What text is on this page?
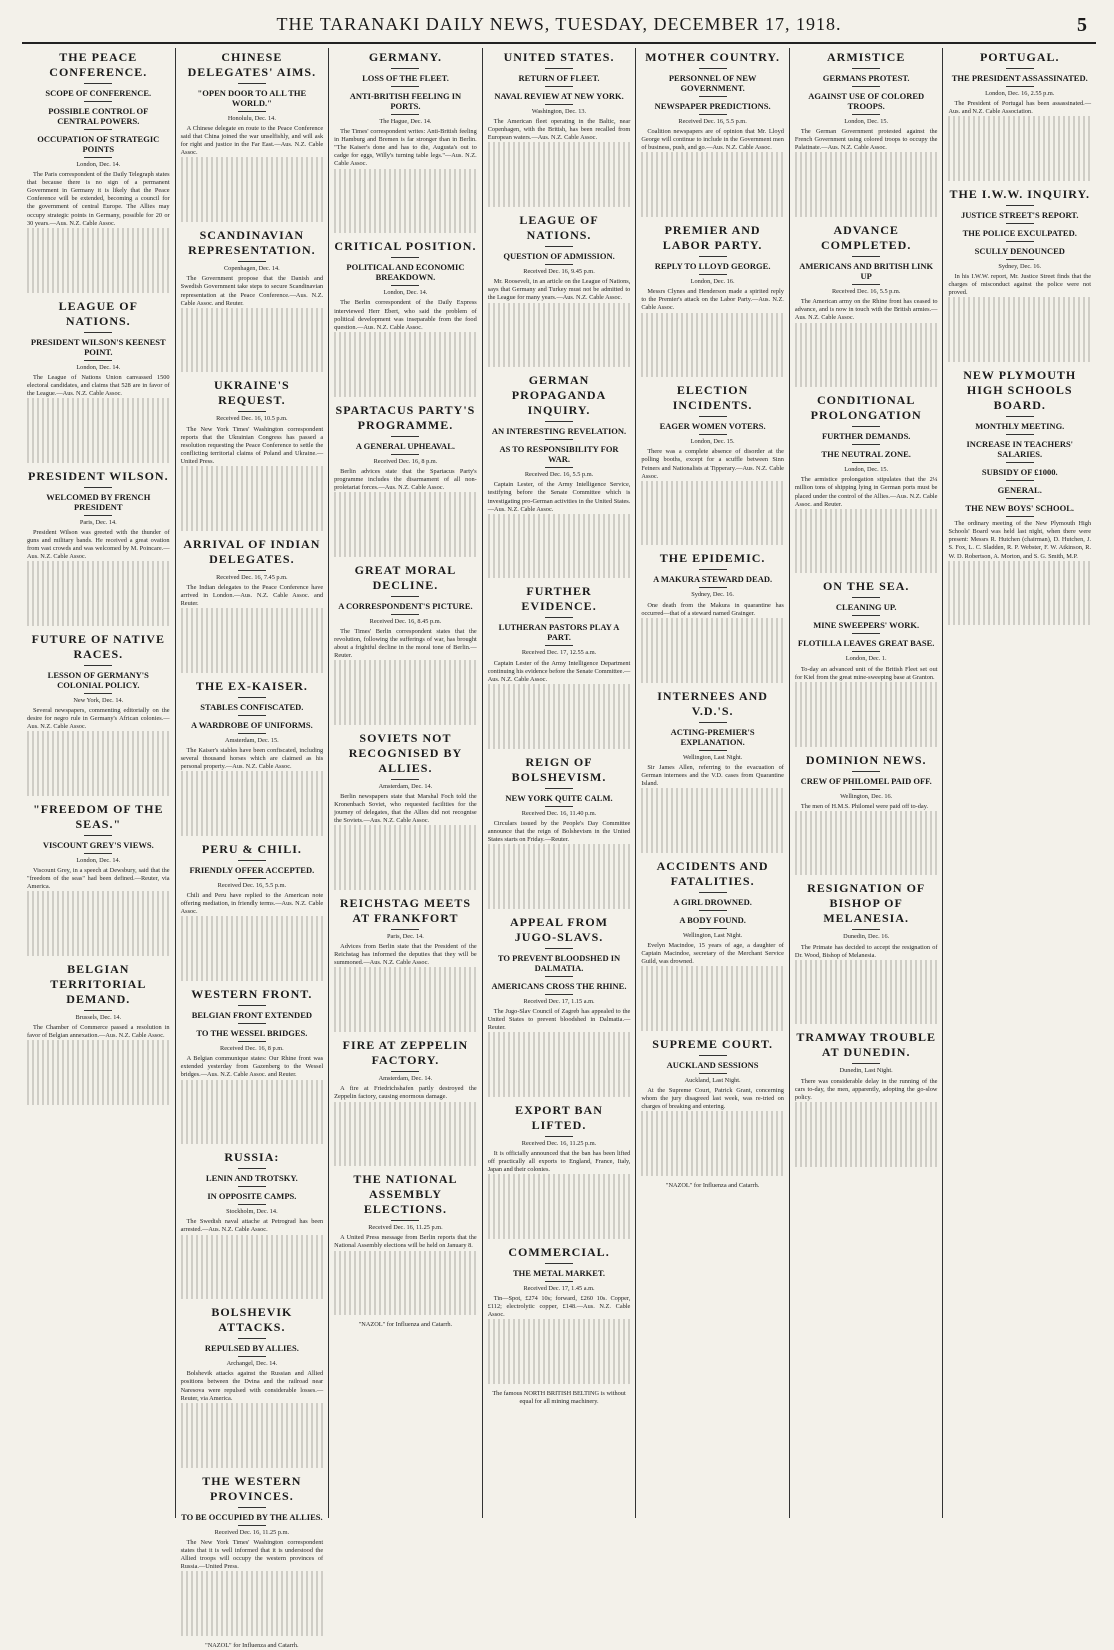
THE TARANAKI DAILY NEWS, TUESDAY, DECEMBER 17, 1918.	5
THE PEACE CONFERENCE.
SCOPE OF CONFERENCE.
POSSIBLE CONTROL OF CENTRAL POWERS.
OCCUPATION OF STRATEGIC POINTS
London, Dec. 14.
The Paris correspondent of the Daily Telegraph states that because there is no sign of a permanent Government in Germany it is likely that the Peace Conference will be extended, becoming a council for the government of central Europe. The Allies may occupy strategic points in Germany, possible for 20 or 30 years.—Aus. N.Z. Cable Assoc.
LEAGUE OF NATIONS.
PRESIDENT WILSON'S KEENEST POINT.
London, Dec. 14.
The League of Nations Union canvassed 1500 electoral candidates, and claims that 528 are in favor of the League.—Aus. N.Z. Cable Assoc.
PRESIDENT WILSON.
WELCOMED BY FRENCH PRESIDENT
Paris, Dec. 14.
President Wilson was greeted with the thunder of guns and military bands. He received a great ovation from vast crowds and was welcomed by M. Poincare.—Aus. N.Z. Cable Assoc.
FUTURE OF NATIVE RACES.
LESSON OF GERMANY'S COLONIAL POLICY.
New York, Dec. 14.
Several newspapers, commenting editorially on the desire for negro rule in Germany's African colonies.—Aus. N.Z. Cable Assoc.
"FREEDOM OF THE SEAS."
VISCOUNT GREY'S VIEWS.
London, Dec. 14.
Viscount Grey, in a speech at Dewsbury, said that the "freedom of the seas" had been defined.—Reuter, via America.
BELGIAN TERRITORIAL DEMAND.
Brussels, Dec. 14.
The Chamber of Commerce passed a resolution in favor of Belgian annexation.—Aus. N.Z. Cable Assoc.
CHINESE DELEGATES' AIMS.
"OPEN DOOR TO ALL THE WORLD."
Honolulu, Dec. 14.
A Chinese delegate en route to the Peace Conference said that China joined the war unselfishly, and will ask for right and justice in the Far East.—Aus. N.Z. Cable Assoc.
SCANDINAVIAN REPRESENTATION.
Copenhagen, Dec. 14.
The Government propose that the Danish and Swedish Government take steps to secure Scandinavian representation at the Peace Conference.—Aus. N.Z. Cable Assoc. and Reuter.
UKRAINE'S REQUEST.
Received Dec. 16, 10.5 p.m.
The New York Times' Washington correspondent reports that the Ukrainian Congress has passed a resolution requesting the Peace Conference to settle the conflicting territorial claims of Poland and Ukraine.—United Press.
ARRIVAL OF INDIAN DELEGATES.
Received Dec. 16, 7.45 p.m.
The Indian delegates to the Peace Conference have arrived in London.—Aus. N.Z. Cable Assoc. and Reuter.
THE EX-KAISER.
STABLES CONFISCATED.
A WARDROBE OF UNIFORMS.
Amsterdam, Dec. 15.
The Kaiser's stables have been confiscated, including several thousand horses which are claimed as his personal property.—Aus. N.Z. Cable Assoc.
PERU & CHILI.
FRIENDLY OFFER ACCEPTED.
Received Dec. 16, 5.5 p.m.
Chili and Peru have replied to the American note offering mediation, in friendly terms.—Aus. N.Z. Cable Assoc.
WESTERN FRONT.
BELGIAN FRONT EXTENDED
TO THE WESSEL BRIDGES.
Received Dec. 16, 8 p.m.
A Belgian communique states: Our Rhine front was extended yesterday from Gazenberg to the Wessel bridges.—Aus. N.Z. Cable Assoc. and Reuter.
RUSSIA:
LENIN AND TROTSKY.
IN OPPOSITE CAMPS.
Stockholm, Dec. 14.
The Swedish naval attache at Petrograd has been arrested.—Aus. N.Z. Cable Assoc.
BOLSHEVIK ATTACKS.
REPULSED BY ALLIES.
Archangel, Dec. 14.
Bolshevik attacks against the Russian and Allied positions between the Dvina and the railroad near Naresova were repulsed with considerable losses.—Reuter, via America.
THE WESTERN PROVINCES.
TO BE OCCUPIED BY THE ALLIES.
Received Dec. 16, 11.25 p.m.
The New York Times' Washington correspondent states that it is well informed that it is understood the Allied troops will occupy the western provinces of Russia.—United Press.
"NAZOL" for Influenza and Catarrh.
GERMANY.
LOSS OF THE FLEET.
ANTI-BRITISH FEELING IN PORTS.
The Hague, Dec. 14.
The Times' correspondent writes: Anti-British feeling in Hamburg and Bremen is far stronger than in Berlin. "The Kaiser's done and has to die, Augusta's out to cadge for eggs, Willy's turning table legs."—Aus. N.Z. Cable Assoc.
CRITICAL POSITION.
POLITICAL AND ECONOMIC BREAKDOWN.
London, Dec. 14.
The Berlin correspondent of the Daily Express interviewed Herr Ebert, who said the problem of political development was inseparable from the food question.—Aus. N.Z. Cable Assoc.
SPARTACUS PARTY'S PROGRAMME.
A GENERAL UPHEAVAL.
Received Dec. 16, 8 p.m.
Berlin advices state that the Spartacus Party's programme includes the disarmament of all non-proletariat forces.—Aus. N.Z. Cable Assoc.
GREAT MORAL DECLINE.
A CORRESPONDENT'S PICTURE.
Received Dec. 16, 8.45 p.m.
The Times' Berlin correspondent states that the revolution, following the sufferings of war, has brought about a frightful decline in the moral tone of Berlin.—Reuter.
SOVIETS NOT RECOGNISED BY ALLIES.
Amsterdam, Dec. 14.
Berlin newspapers state that Marshal Foch told the Kronenbach Soviet, who requested facilities for the journey of delegates, that the Allies did not recognise the Soviets.—Aus. N.Z. Cable Assoc.
REICHSTAG MEETS AT FRANKFORT
Paris, Dec. 14.
Advices from Berlin state that the President of the Reichstag has informed the deputies that they will be summoned.—Aus. N.Z. Cable Assoc.
FIRE AT ZEPPELIN FACTORY.
Amsterdam, Dec. 14.
A fire at Friedrichshafen partly destroyed the Zeppelin factory, causing enormous damage.
THE NATIONAL ASSEMBLY ELECTIONS.
Received Dec. 16, 11.25 p.m.
A United Press message from Berlin reports that the National Assembly elections will be held on January 8.
"NAZOL" for Influenza and Catarrh.
UNITED STATES.
RETURN OF FLEET.
NAVAL REVIEW AT NEW YORK.
Washington, Dec. 13.
The American fleet operating in the Baltic, near Copenhagen, with the British, has been recalled from European waters.—Aus. N.Z. Cable Assoc.
LEAGUE OF NATIONS.
QUESTION OF ADMISSION.
Received Dec. 16, 9.45 p.m.
Mr. Roosevelt, in an article on the League of Nations, says that Germany and Turkey must not be admitted to the League for many years.—Aus. N.Z. Cable Assoc.
GERMAN PROPAGANDA INQUIRY.
AN INTERESTING REVELATION.
AS TO RESPONSIBILITY FOR WAR.
Received Dec. 16, 5.5 p.m.
Captain Lester, of the Army Intelligence Service, testifying before the Senate Committee which is investigating pro-German activities in the United States.—Aus. N.Z. Cable Assoc.
FURTHER EVIDENCE.
LUTHERAN PASTORS PLAY A PART.
Received Dec. 17, 12.55 a.m.
Captain Lester of the Army Intelligence Department continuing his evidence before the Senate Committee.—Aus. N.Z. Cable Assoc.
REIGN OF BOLSHEVISM.
NEW YORK QUITE CALM.
Received Dec. 16, 11.40 p.m.
Circulars issued by the People's Day Committee announce that the reign of Bolshevism in the United States starts on Friday.—Reuter.
APPEAL FROM JUGO-SLAVS.
TO PREVENT BLOODSHED IN DALMATIA.
AMERICANS CROSS THE RHINE.
Received Dec. 17, 1.15 a.m.
The Jugo-Slav Council of Zagreb has appealed to the United States to prevent bloodshed in Dalmatia.—Reuter.
EXPORT BAN LIFTED.
Received Dec. 16, 11.25 p.m.
It is officially announced that the ban has been lifted off practically all exports to England, France, Italy, Japan and their colonies.
COMMERCIAL.
THE METAL MARKET.
Received Dec. 17, 1.45 a.m.
Tin—Spot, £274 10s; forward, £260 10s. Copper, £112; electrolytic copper, £148.—Aus. N.Z. Cable Assoc.
The famous NORTH BRITISH BELTING is without equal for all mining machinery.
MOTHER COUNTRY.
PERSONNEL OF NEW GOVERNMENT.
NEWSPAPER PREDICTIONS.
Received Dec. 16, 5.5 p.m.
Coalition newspapers are of opinion that Mr. Lloyd George will continue to include in the Government men of business, push, and go.—Aus. N.Z. Cable Assoc.
PREMIER AND LABOR PARTY.
REPLY TO LLOYD GEORGE.
London, Dec. 16.
Messrs Clynes and Henderson made a spirited reply to the Premier's attack on the Labor Party.—Aus. N.Z. Cable Assoc.
ELECTION INCIDENTS.
EAGER WOMEN VOTERS.
London, Dec. 15.
There was a complete absence of disorder at the polling booths, except for a scuffle between Sinn Feiners and Nationalists at Tipperary.—Aus. N.Z. Cable Assoc.
THE EPIDEMIC.
A MAKURA STEWARD DEAD.
Sydney, Dec. 16.
One death from the Makura in quarantine has occurred—that of a steward named Grainger.
INTERNEES AND V.D.'S.
ACTING-PREMIER'S EXPLANATION.
Wellington, Last Night.
Sir James Allen, referring to the evacuation of German internees and the V.D. cases from Quarantine Island.
ACCIDENTS AND FATALITIES.
A GIRL DROWNED.
A BODY FOUND.
Wellington, Last Night.
Evelyn Macindoe, 15 years of age, a daughter of Captain Macindoe, secretary of the Merchant Service Guild, was drowned.
SUPREME COURT.
AUCKLAND SESSIONS
Auckland, Last Night.
At the Supreme Court, Patrick Grant, concerning whom the jury disagreed last week, was re-tried on charges of breaking and entering.
"NAZOL" for Influenza and Catarrh.
ARMISTICE
GERMANS PROTEST.
AGAINST USE OF COLORED TROOPS.
London, Dec. 15.
The German Government protested against the French Government using colored troops to occupy the Palatinate.—Aus. N.Z. Cable Assoc.
ADVANCE COMPLETED.
AMERICANS AND BRITISH LINK UP
Received Dec. 16, 5.5 p.m.
The American army on the Rhine front has ceased to advance, and is now in touch with the British armies.—Aus. N.Z. Cable Assoc.
CONDITIONAL PROLONGATION
FURTHER DEMANDS.
THE NEUTRAL ZONE.
London, Dec. 15.
The armistice prolongation stipulates that the 2¼ million tons of shipping lying in German ports must be placed under the control of the Allies.—Aus. N.Z. Cable Assoc. and Reuter.
ON THE SEA.
CLEANING UP.
MINE SWEEPERS' WORK.
FLOTILLA LEAVES GREAT BASE.
London, Dec. 1.
To-day an advanced unit of the British Fleet set out for Kiel from the great mine-sweeping base at Granton.
DOMINION NEWS.
CREW OF PHILOMEL PAID OFF.
Wellington, Dec. 16.
The men of H.M.S. Philomel were paid off to-day.
RESIGNATION OF BISHOP OF MELANESIA.
Dunedin, Dec. 16.
The Primate has decided to accept the resignation of Dr. Wood, Bishop of Melanesia.
TRAMWAY TROUBLE AT DUNEDIN.
Dunedin, Last Night.
There was considerable delay in the running of the cars to-day, the men, apparently, adopting the go-slow policy.
PORTUGAL.
THE PRESIDENT ASSASSINATED.
London, Dec. 16, 2.55 p.m.
The President of Portugal has been assassinated.—Aus. and N.Z. Cable Association.
THE I.W.W. INQUIRY.
JUSTICE STREET'S REPORT.
THE POLICE EXCULPATED.
SCULLY DENOUNCED
Sydney, Dec. 16.
In his I.W.W. report, Mr. Justice Street finds that the charges of misconduct against the police were not proved.
NEW PLYMOUTH HIGH SCHOOLS BOARD.
MONTHLY MEETING.
INCREASE IN TEACHERS' SALARIES.
SUBSIDY OF £1000.
GENERAL.
THE NEW BOYS' SCHOOL.
The ordinary meeting of the New Plymouth High Schools' Board was held last night, when there were present: Messrs R. Hutchen (chairman), D. Hutchen, J. S. Fox, L. C. Sladden, R. P. Webster, F. W. Atkinson, R. W. D. Robertson, A. Morton, and S. G. Smith, M.P.
